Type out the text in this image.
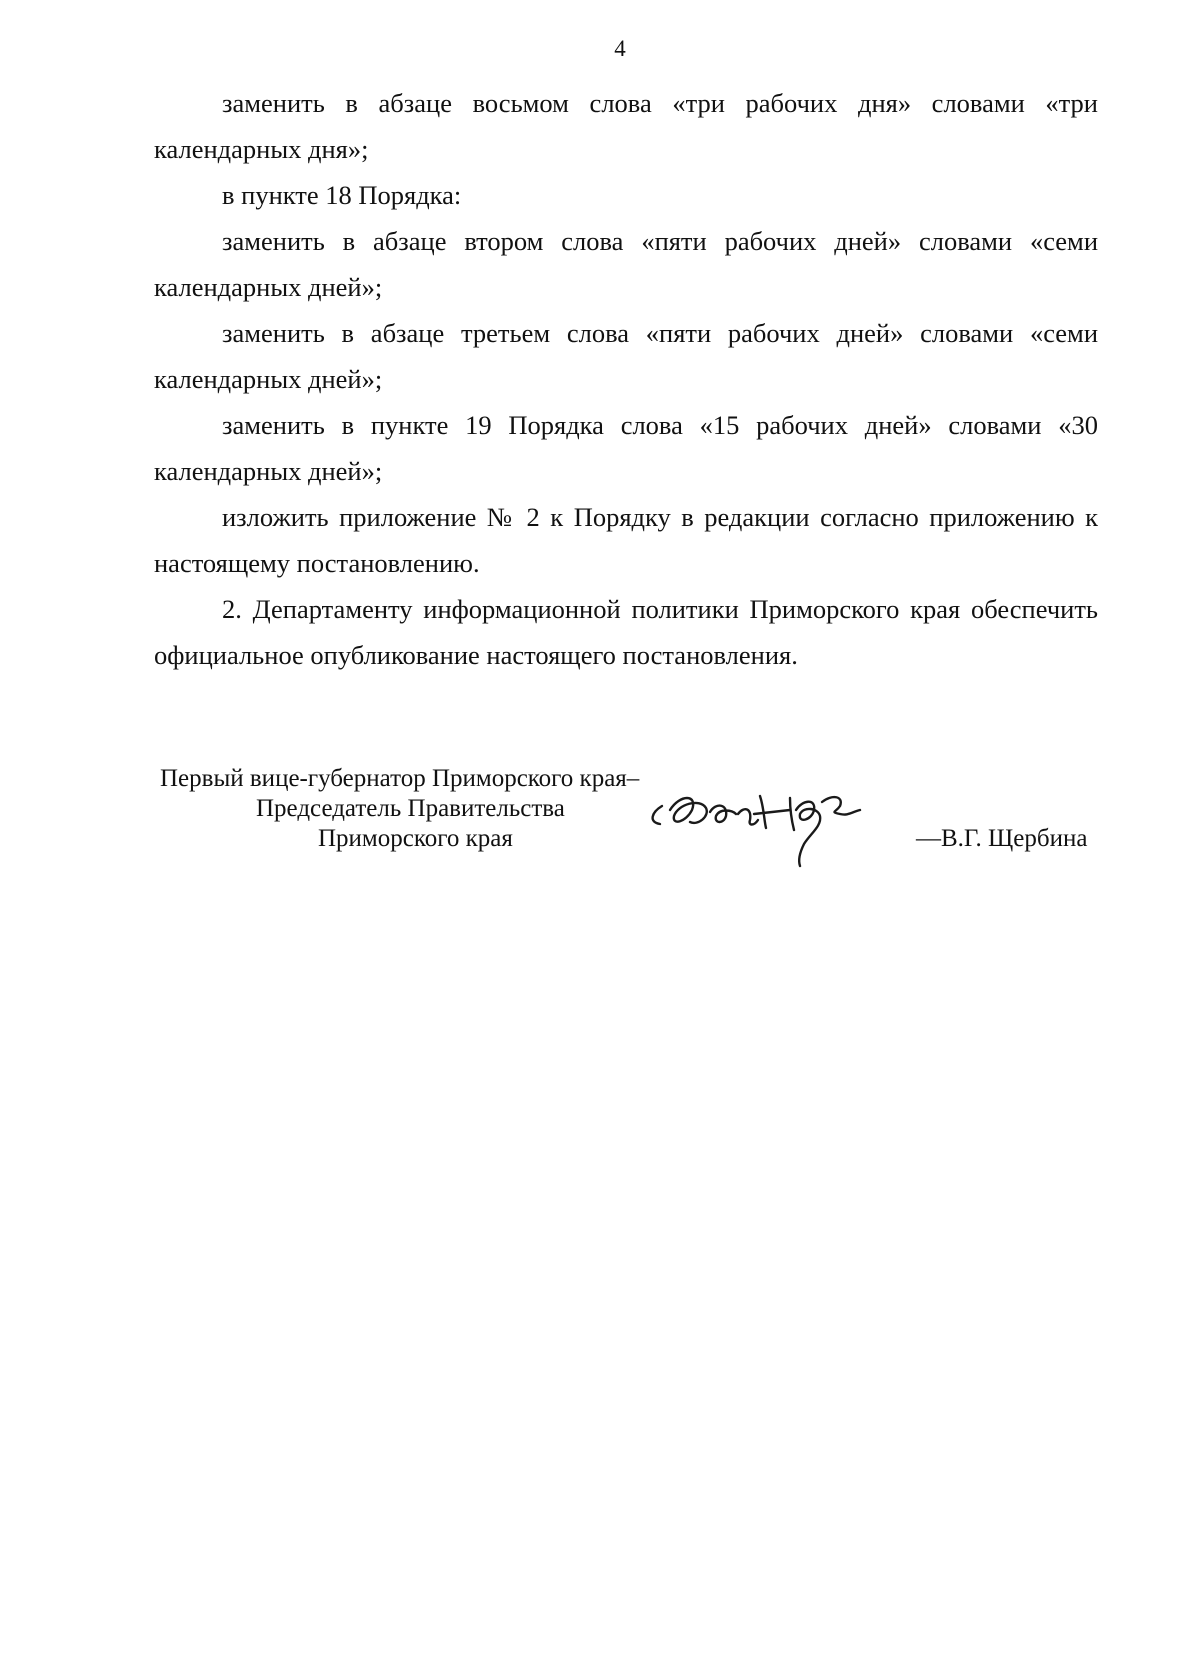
4

заменить в абзаце восьмом слова «три рабочих дня» словами «три календарных дня»;

в пункте 18 Порядка:

заменить в абзаце втором слова «пяти рабочих дней» словами «семи календарных дней»;

заменить в абзаце третьем слова «пяти рабочих дней» словами «семи календарных дней»;

заменить в пункте 19 Порядка слова «15 рабочих дней» словами «30 календарных дней»;

изложить приложение № 2 к Порядку в редакции согласно приложению к настоящему постановлению.

2. Департаменту информационной политики Приморского края обеспечить официальное опубликование настоящего постановления.

Первый вице-губернатор Приморского края–
Председатель Правительства
Приморского края	—В.Г. Щербина
